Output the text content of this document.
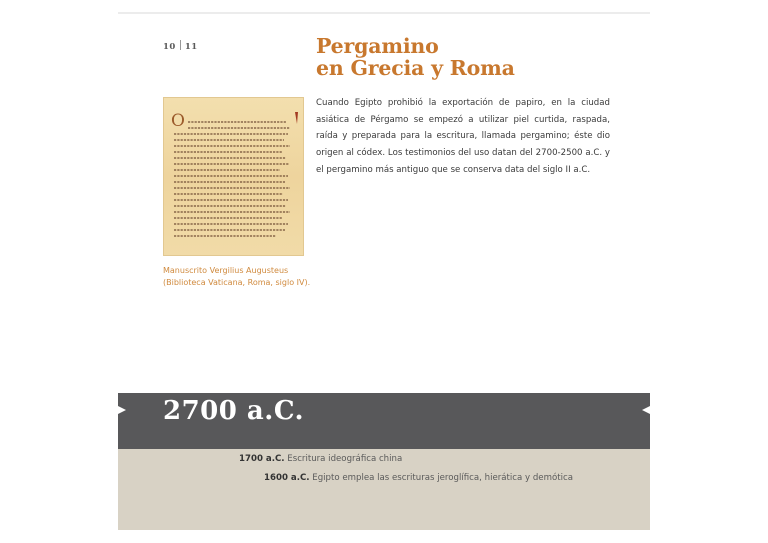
10 11	Pergamino
en Grecia y Roma
O
Manuscrito Vergilius Augusteus
(Biblioteca Vaticana, Roma, siglo IV).

Cuando Egipto prohibió la exportación de papiro, en la ciudad asiática de Pérgamo se empezó a utilizar piel curtida, raspada, raída y preparada para la escritura, llamada pergamino; éste dio origen al códex. Los testimonios del uso datan del 2700-2500 a.C. y el pergamino más antiguo que se conserva data del siglo II a.C.

2700 a.C.
1700 a.C. Escritura ideográfica china
1600 a.C. Egipto emplea las escrituras jeroglífica, hierática y demótica
